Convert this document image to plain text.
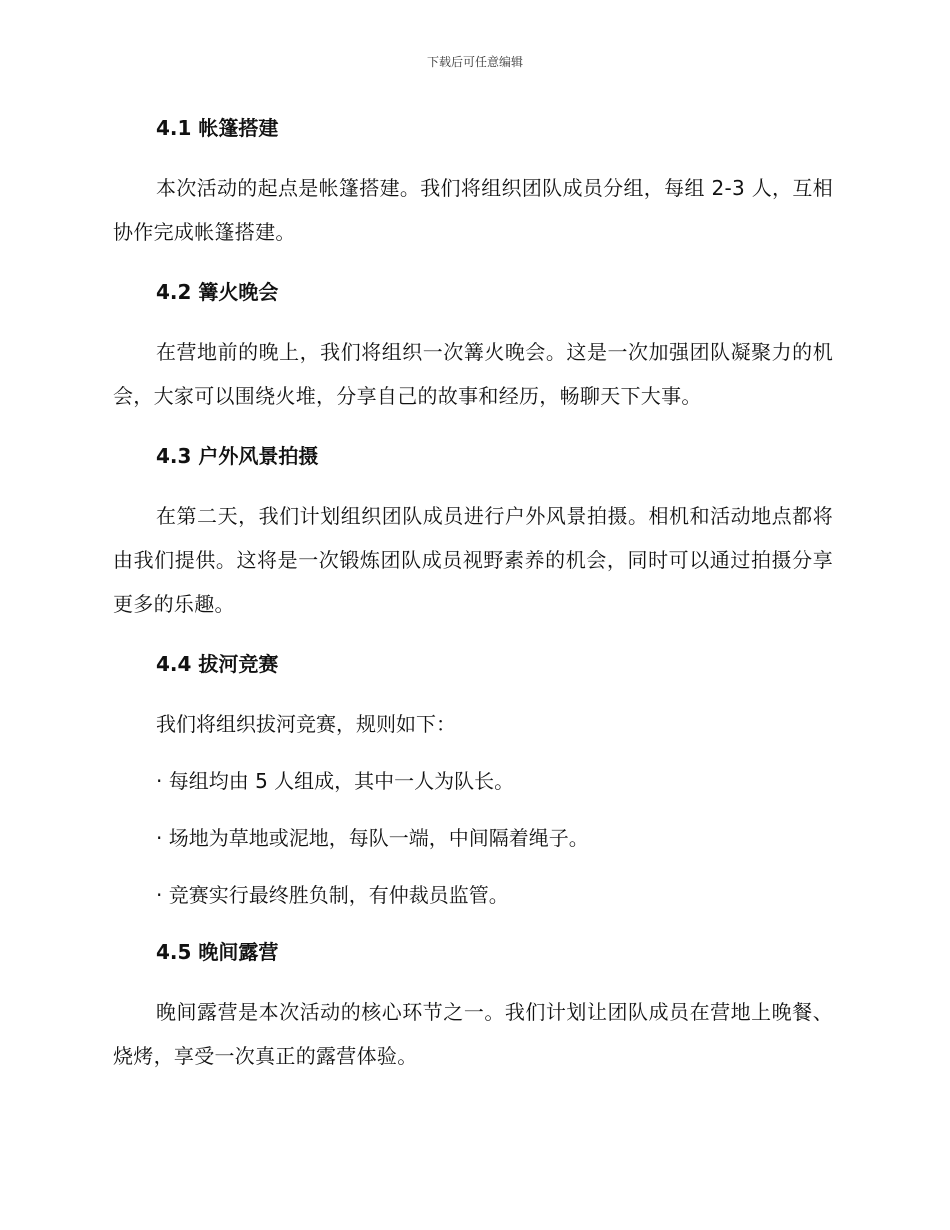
下载后可任意编辑
4.1 帐篷搭建

本次活动的起点是帐篷搭建。我们将组织团队成员分组，每组 2-3 人，互相协作完成帐篷搭建。

4.2 篝火晚会

在营地前的晚上，我们将组织一次篝火晚会。这是一次加强团队凝聚力的机会，大家可以围绕火堆，分享自己的故事和经历，畅聊天下大事。

4.3 户外风景拍摄

在第二天，我们计划组织团队成员进行户外风景拍摄。相机和活动地点都将由我们提供。这将是一次锻炼团队成员视野素养的机会，同时可以通过拍摄分享更多的乐趣。

4.4 拔河竞赛
我们将组织拔河竞赛，规则如下：
· 每组均由 5 人组成，其中一人为队长。
· 场地为草地或泥地，每队一端，中间隔着绳子。
· 竞赛实行最终胜负制，有仲裁员监管。
4.5 晚间露营

晚间露营是本次活动的核心环节之一。我们计划让团队成员在营地上晚餐、烧烤，享受一次真正的露营体验。
